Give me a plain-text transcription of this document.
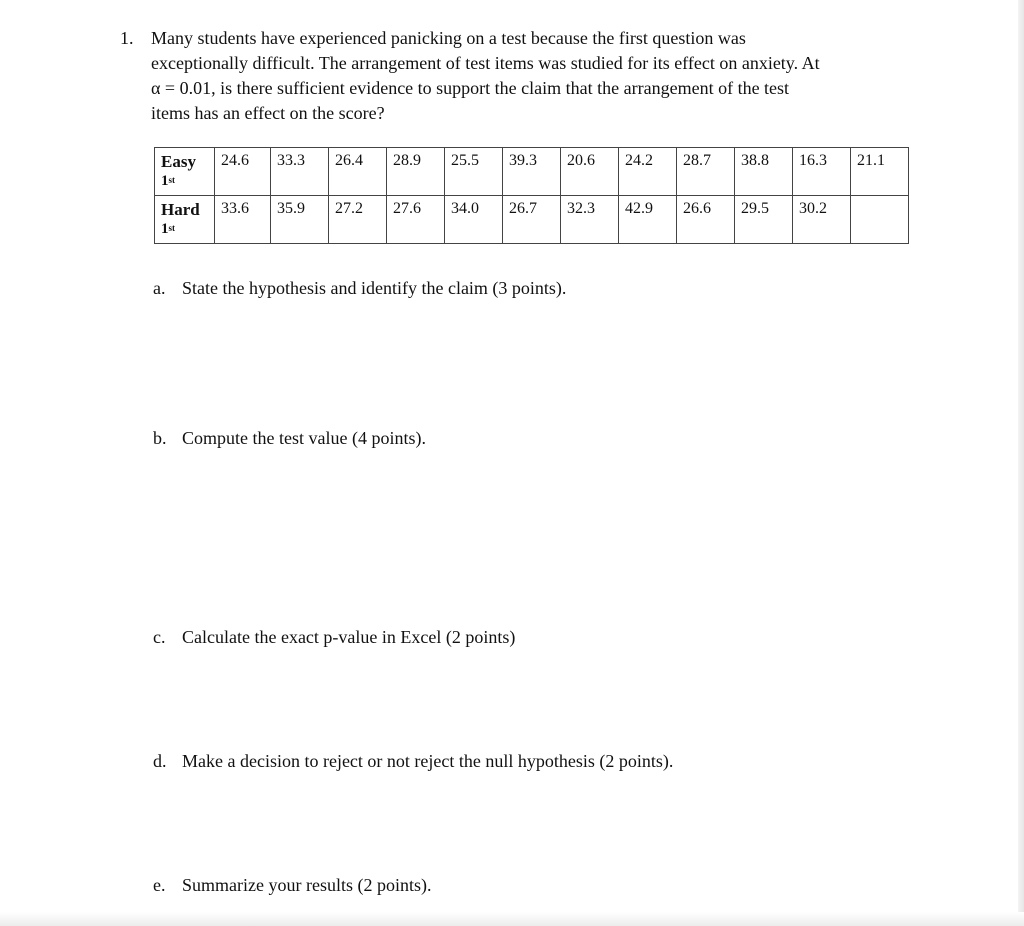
1. Many students have experienced panicking on a test because the first question was
exceptionally difficult. The arrangement of test items was studied for its effect on anxiety. At
α = 0.01, is there sufficient evidence to support the claim that the arrangement of the test
items has an effect on the score?
Easy
1st	24.6	33.3	26.4	28.9	25.5	39.3	20.6	24.2	28.7	38.8	16.3	21.1

Hard
1st	33.6	35.9	27.2	27.6	34.0	26.7	32.3	42.9	26.6	29.5	30.2	
a. State the hypothesis and identify the claim (3 points).
b. Compute the test value (4 points).
c. Calculate the exact p-value in Excel (2 points)
d. Make a decision to reject or not reject the null hypothesis (2 points).
e. Summarize your results (2 points).
